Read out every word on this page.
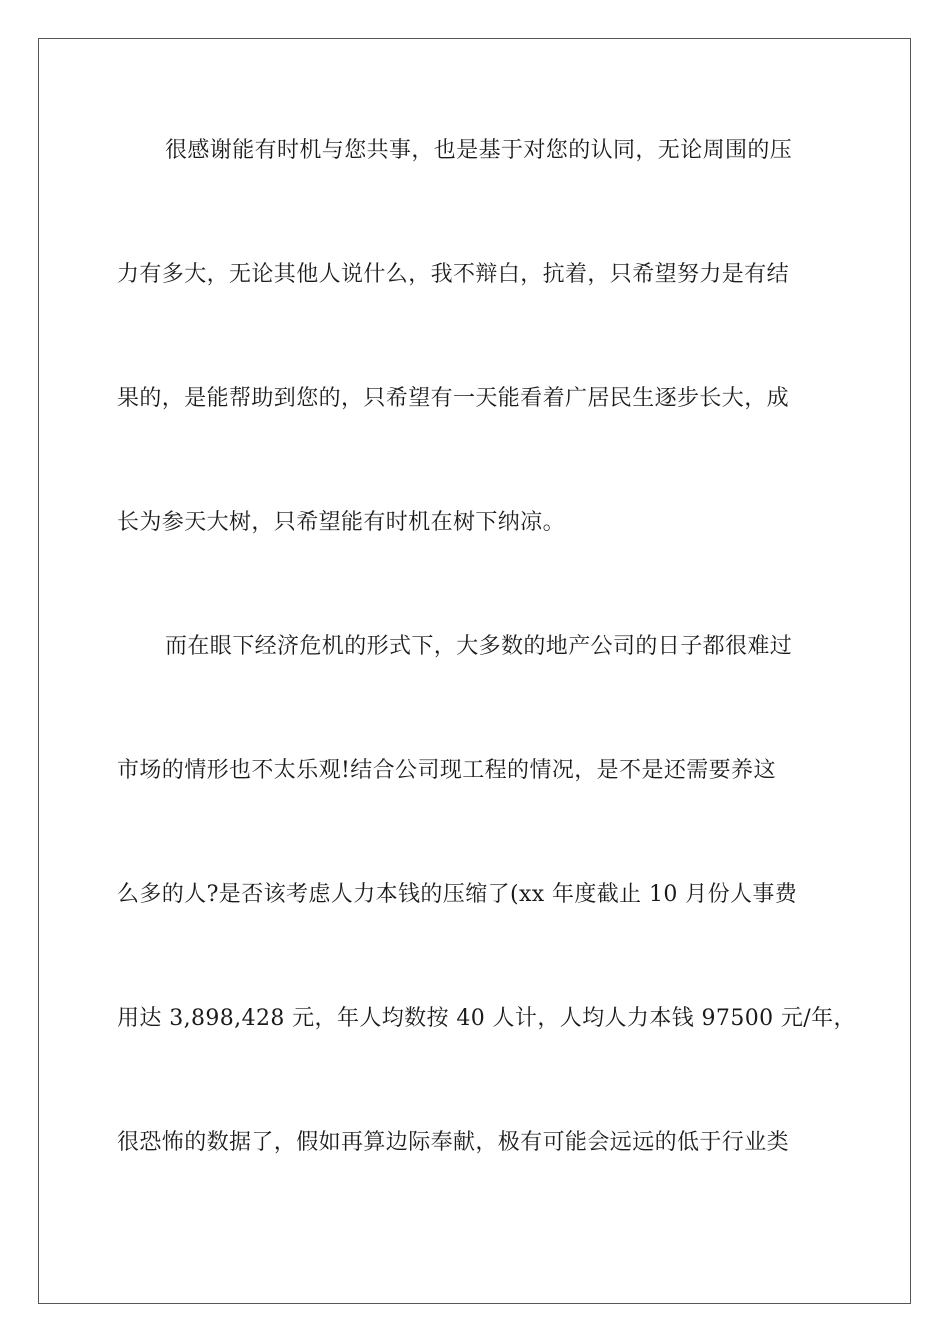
很感谢能有时机与您共事，也是基于对您的认同，无论周围的压
力有多大，无论其他人说什么，我不辩白，抗着，只希望努力是有结
果的，是能帮助到您的，只希望有一天能看着广居民生逐步长大，成
长为参天大树，只希望能有时机在树下纳凉。
而在眼下经济危机的形式下，大多数的地产公司的日子都很难过
市场的情形也不太乐观!结合公司现工程的情况，是不是还需要养这
么多的人?是否该考虑人力本钱的压缩了(xx 年度截止 10 月份人事费
用达 3,898,428 元，年人均数按 40 人计，人均人力本钱 97500 元/年，
很恐怖的数据了，假如再算边际奉献，极有可能会远远的低于行业类
